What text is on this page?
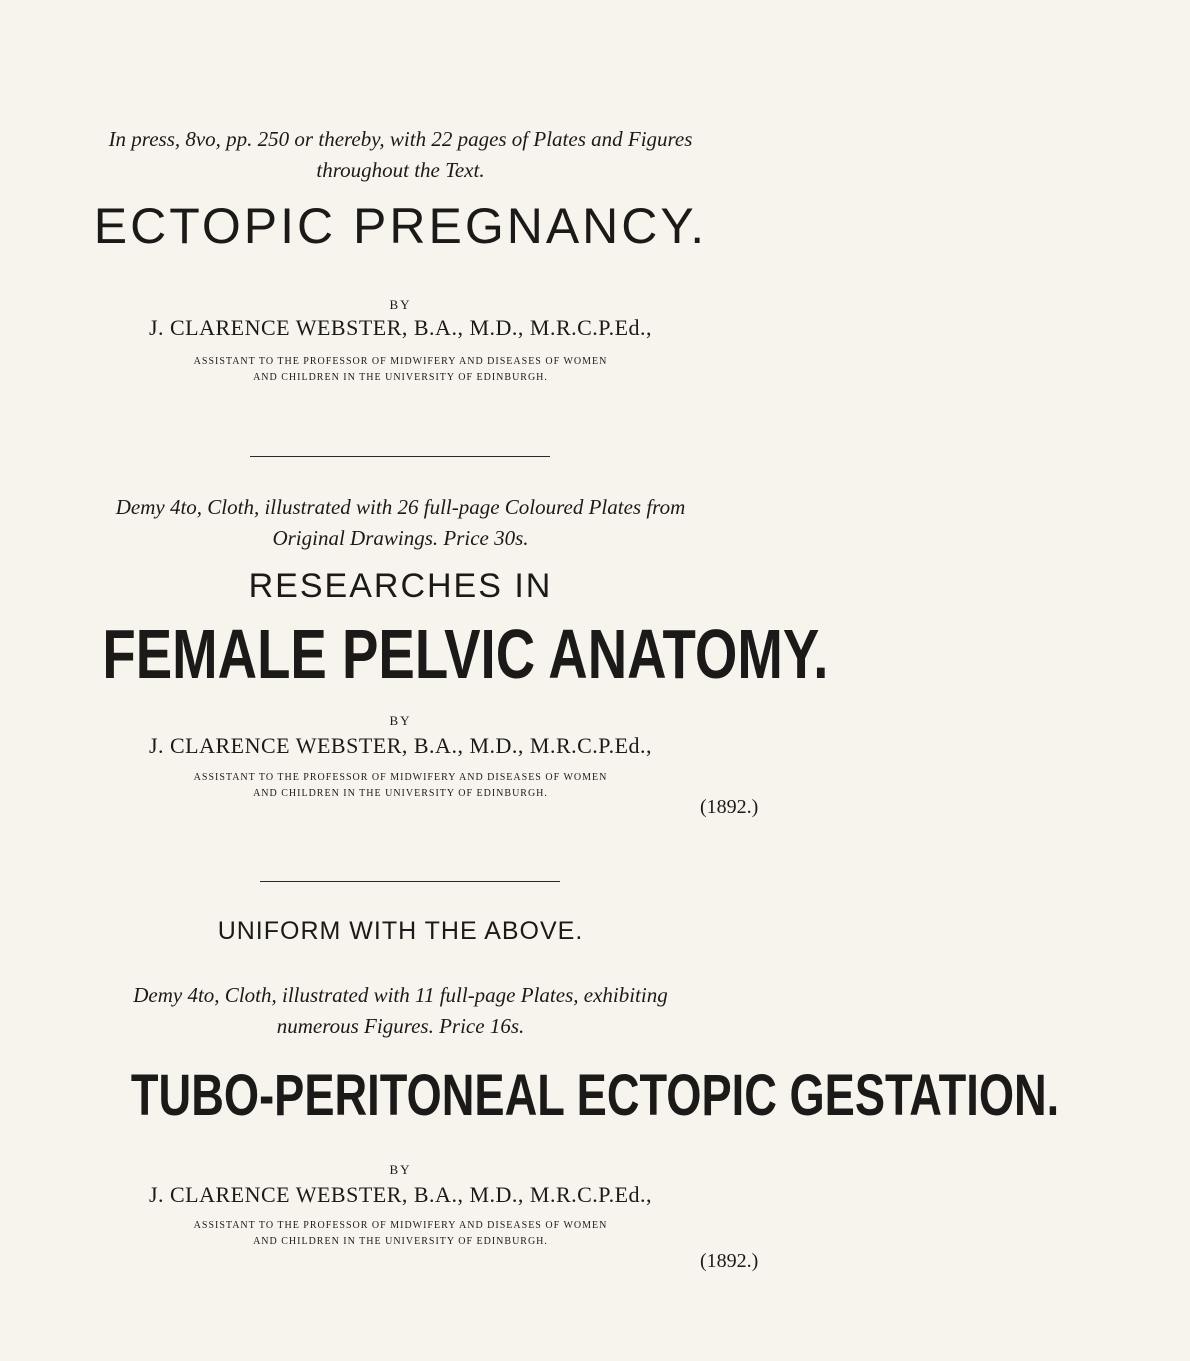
In press, 8vo, pp. 250 or thereby, with 22 pages of Plates and Figures
throughout the Text.
ECTOPIC PREGNANCY.
BY
J. CLARENCE WEBSTER, B.A., M.D., M.R.C.P.Ed.,
ASSISTANT TO THE PROFESSOR OF MIDWIFERY AND DISEASES OF WOMEN
AND CHILDREN IN THE UNIVERSITY OF EDINBURGH.
Demy 4to, Cloth, illustrated with 26 full-page Coloured Plates from
Original Drawings. Price 30s.
RESEARCHES IN
FEMALE PELVIC ANATOMY.
BY
J. CLARENCE WEBSTER, B.A., M.D., M.R.C.P.Ed.,
ASSISTANT TO THE PROFESSOR OF MIDWIFERY AND DISEASES OF WOMEN
AND CHILDREN IN THE UNIVERSITY OF EDINBURGH.
(1892.)
UNIFORM WITH THE ABOVE.
Demy 4to, Cloth, illustrated with 11 full-page Plates, exhibiting
numerous Figures. Price 16s.
TUBO-PERITONEAL ECTOPIC GESTATION.
BY
J. CLARENCE WEBSTER, B.A., M.D., M.R.C.P.Ed.,
ASSISTANT TO THE PROFESSOR OF MIDWIFERY AND DISEASES OF WOMEN
AND CHILDREN IN THE UNIVERSITY OF EDINBURGH.
(1892.)
